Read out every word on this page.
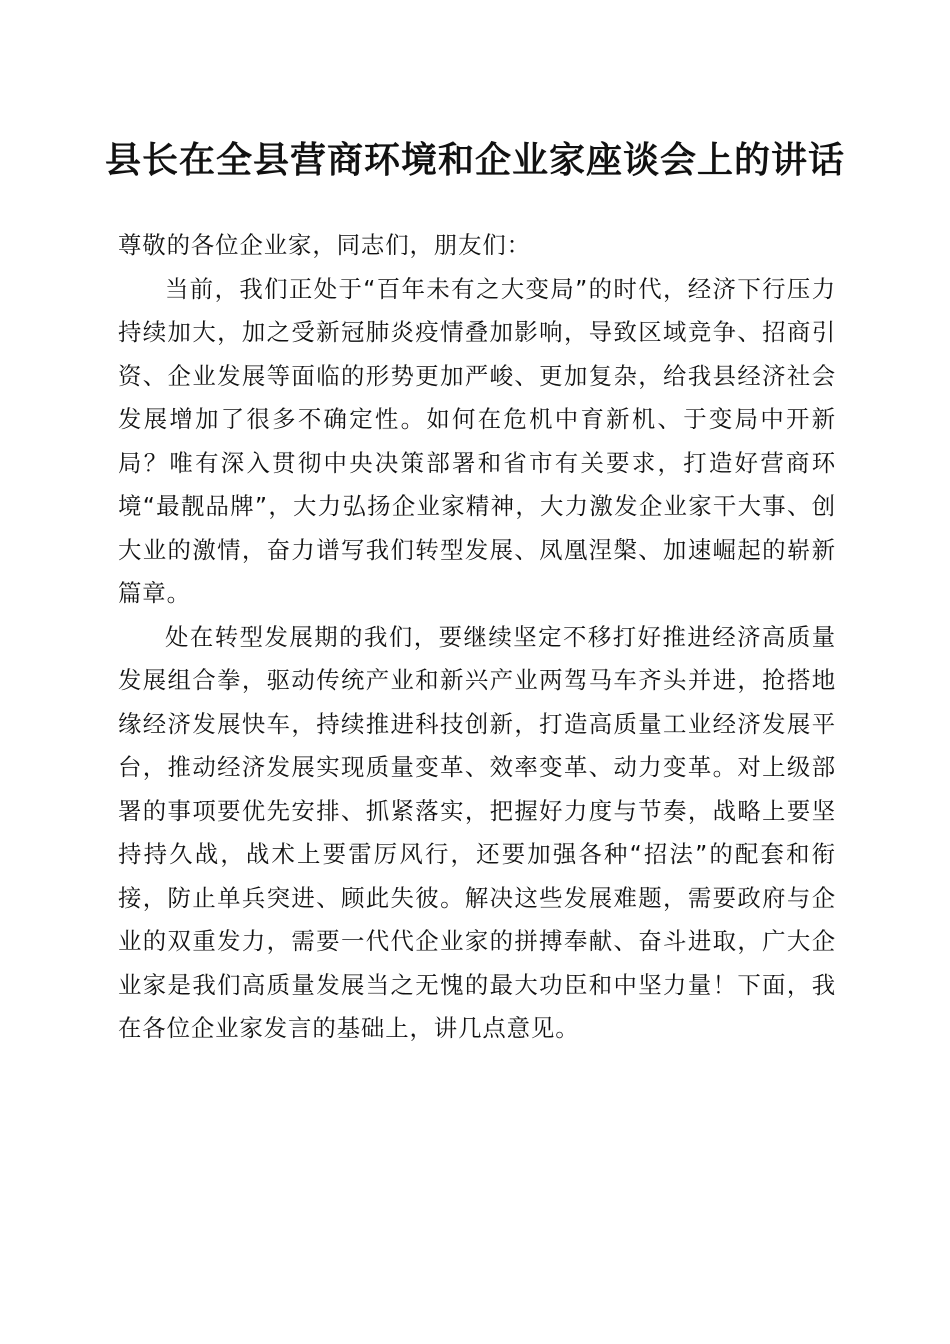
县长在全县营商环境和企业家座谈会上的讲话

尊敬的各位企业家，同志们，朋友们：

当前，我们正处于“百年未有之大变局”的时代，经济下行压力持续加大，加之受新冠肺炎疫情叠加影响，导致区域竞争、招商引资、企业发展等面临的形势更加严峻、更加复杂，给我县经济社会发展增加了很多不确定性。如何在危机中育新机、于变局中开新局？唯有深入贯彻中央决策部署和省市有关要求，打造好营商环境“最靓品牌”，大力弘扬企业家精神，大力激发企业家干大事、创大业的激情，奋力谱写我们转型发展、凤凰涅槃、加速崛起的崭新篇章。

处在转型发展期的我们，要继续坚定不移打好推进经济高质量发展组合拳，驱动传统产业和新兴产业两驾马车齐头并进，抢搭地缘经济发展快车，持续推进科技创新，打造高质量工业经济发展平台，推动经济发展实现质量变革、效率变革、动力变革。对上级部署的事项要优先安排、抓紧落实，把握好力度与节奏，战略上要坚持持久战，战术上要雷厉风行，还要加强各种“招法”的配套和衔接，防止单兵突进、顾此失彼。解决这些发展难题，需要政府与企业的双重发力，需要一代代企业家的拼搏奉献、奋斗进取，广大企业家是我们高质量发展当之无愧的最大功臣和中坚力量！下面，我在各位企业家发言的基础上，讲几点意见。
